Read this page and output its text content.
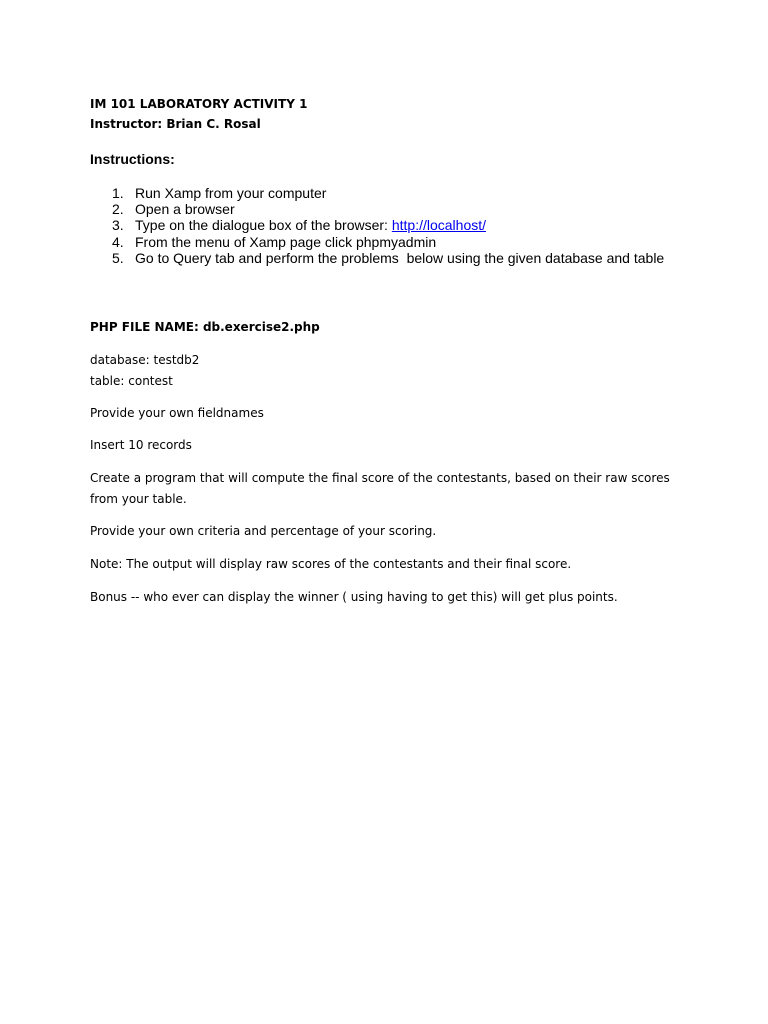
IM 101 LABORATORY ACTIVITY 1
Instructor: Brian C. Rosal
Instructions:
1. Run Xamp from your computer
2. Open a browser
3. Type on the dialogue box of the browser: http://localhost/
4. From the menu of Xamp page click phpmyadmin
5. Go to Query tab and perform the problems  below using the given database and table
PHP FILE NAME: db.exercise2.php
database: testdb2
table: contest
Provide your own fieldnames
Insert 10 records
Create a program that will compute the final score of the contestants, based on their raw scores from your table.
Provide your own criteria and percentage of your scoring.
Note: The output will display raw scores of the contestants and their final score.
Bonus -- who ever can display the winner ( using having to get this) will get plus points.
